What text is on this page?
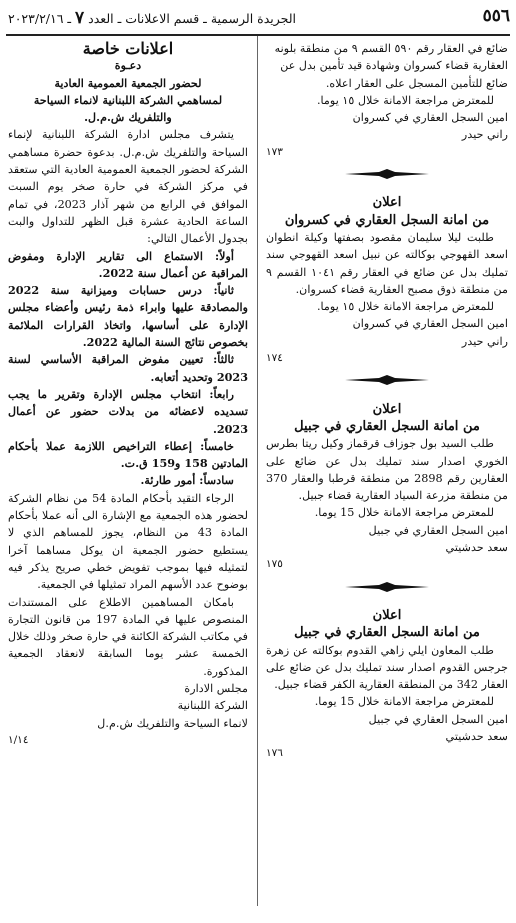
٥٥٦
الجريدة الرسمية ـ قسم الاعلانات ـ العدد ٧ ـ ٢٠٢٣/٢/١٦

ضائع في العقار رقم ٥٩٠ القسم ٩ من منطقة بلونه

العقارية قضاء كسروان وشهادة قيد تأمين بدل عن

ضائع للتأمين المسجل على العقار اعلاه.

للمعترض مراجعة الامانة خلال ١٥ يوما.

امين السجل العقاري في كسروان

راني حيدر

١٧٣

اعلان

من امانة السجل العقاري في كسروان

طلبت ليلا سليمان مقصود بصفتها وكيلة انطوان اسعد القهوجي بوكالته عن نبيل اسعد القهوجي سند تمليك بدل عن ضائع في العقار رقم ١٠٤١ القسم ٩ من منطقة ذوق مصبح العقارية قضاء كسروان.

للمعترض مراجعة الامانة خلال ١٥ يوما.

امين السجل العقاري في كسروان

راني حيدر

١٧٤

اعلان

من امانة السجل العقاري في جبيل

طلب السيد بول جوزاف قرقماز وكيل ريتا بطرس الخوري اصدار سند تمليك بدل عن ضائع على العقارين رقم 2898 من منطقة قرطبا والعقار 370 من منطقة مزرعة السياد العقارية قضاء جبيل.

للمعترض مراجعة الامانة خلال 15 يوما.

امين السجل العقاري في جبيل

سعد حدشيتي

١٧٥

اعلان

من امانة السجل العقاري في جبيل

طلب المعاون ايلي زاهي القدوم بوكالته عن زهرة جرجس القدوم اصدار سند تمليك بدل عن ضائع على العقار 342 من المنطقة العقارية الكفر قضاء جبيل.

للمعترض مراجعة الامانة خلال 15 يوما.

امين السجل العقاري في جبيل

سعد حدشيتي

١٧٦

اعلانات خاصة

دعـوة

لحضور الجمعية العمومية العادية

لمساهمي الشركة اللبنانية لانماء السياحة

والتلفريك ش.م.ل.

يتشرف مجلس ادارة الشركة اللبنانية لإنماء السياحة والتلفريك ش.م.ل. بدعوة حضرة مساهمي الشركة لحضور الجمعية العمومية العادية التي ستعقد في مركز الشركة في حارة صخر يوم السبت الموافق في الرابع من شهر آذار 2023، في تمام الساعة الحادية عشرة قبل الظهر للتداول والبت بجدول الأعمال التالي:

أولاً: الاستماع الى تقارير الإدارة ومفوض المراقبة عن أعمال سنة 2022.

ثانياً: درس حسابات وميزانية سنة 2022 والمصادقة عليها وابراء ذمة رئيس وأعضاء مجلس الإدارة على أساسها، واتخاذ القرارات الملائمة بخصوص نتائج السنة المالية 2022.

ثالثاً: تعيين مفوض المراقبة الأساسي لسنة 2023 وتحديد أتعابه.

رابعاً: انتخاب مجلس الإدارة وتقرير ما يجب تسديده لاعضائه من بدلات حضور عن أعمال 2023.

خامساً: إعطاء التراخيص اللازمة عملا بأحكام المادتين 158 و159 ق.ت.

سادساً: أمور طارئة.

الرجاء التقيد بأحكام المادة 54 من نظام الشركة لحضور هذه الجمعية مع الإشارة الى أنه عملا بأحكام المادة 43 من النظام، يجوز للمساهم الذي لا يستطيع حضور الجمعية ان يوكل مساهما آخرا لتمثيله فيها بموجب تفويض خطي صريح يذكر فيه بوضوح عدد الأسهم المراد تمثيلها في الجمعية.

بامكان المساهمين الاطلاع على المستندات المنصوص عليها في المادة 197 من قانون التجارة في مكاتب الشركة الكائنة في حارة صخر وذلك خلال الخمسة عشر يوما السابقة لانعقاد الجمعية المذكورة.

مجلس الادارة

الشركة اللبنانية

لانماء السياحة والتلفريك ش.م.ل

١/١٤
